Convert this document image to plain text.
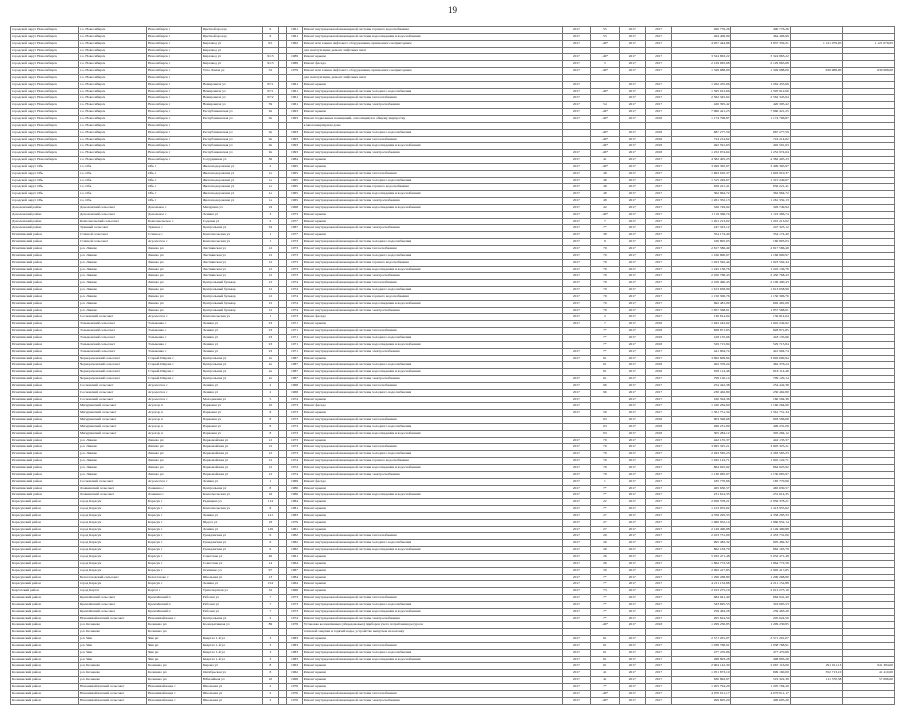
19
городской округ Новосибирск	г.о. Новосибирск	Новосибирск г	Цветной проезд	6		1961	Ремонт внутридомовой инженерной системы горячего водоснабжения	2017	55	2017	2017	490 776,26	490 776,26		
городской округ Новосибирск	г.о. Новосибирск	Новосибирск г	Цветной проезд	6		1961	Ремонт внутридомовой инженерной системы водоотведения и водоснабжения	2017	55	2017	2017	464 406,99	464 406,99		
городской округ Новосибирск	г.о. Новосибирск	Новосибирск г	Кирзавод ул	9/1		1992	Ремонт или замена лифтового оборудования, признанного непригодным	2017	-46*	2017	2017	4 957 444,86	3 837 359,21	1 121 079,65	1 121 079,65
городской округ Новосибирск	г.о. Новосибирск	Новосибирск г	Кирзавод ул				для эксплуатации, ремонт лифтовых шахт								
городской округ Новосибирск	г.о. Новосибирск	Новосибирск г	Кирзавод ул	9/13		1989	Ремонт крыши	2017	-46*	2017	2017	3 324 863,22	3 324 863,22		
городской округ Новосибирск	г.о. Новосибирск	Новосибирск г	Кирзавод ул	9/13		1989	Ремонт фасада	2017	5	2017	2017	2 129 965,68	2 129 965,68		
городской округ Новосибирск	г.о. Новосибирск	Новосибирск г	Ухта Ломов ул	52		1979	Ремонт или замена лифтового оборудования, признанного непригодным	2017	-46*	2017	2017	1 349 988,00	1 349 988,00	639 988,00	639 988,00
городской округ Новосибирск	г.о. Новосибирск	Новосибирск г					для эксплуатации, ремонт лифтовых шахт								
городской округ Новосибирск	г.о. Новосибирск	Новосибирск г	Немировича ул	97/1		1961	Ремонт крыши	2017		2017	2017	1 262 455,66	1 262 455,66		
городской округ Новосибирск	г.о. Новосибирск	Новосибирск г	Немировича ул	97/1		1961	Ремонт внутридомовой инженерной системы холодного водоснабжения	2017	-46*	2017	2017	1 595 912,66	1 595 912,66		
городской округ Новосибирск	г.о. Новосибирск	Новосибирск г	Немировича ул	97/2		1961	Ремонт внутридомовой инженерной системы теплоснабжения	2017		2017	2017	2 562 345,64	2 562 345,64		
городской округ Новосибирск	г.о. Новосибирск	Новосибирск г	Немировича ул	59		1961	Ремонт внутридомовой инженерной системы электроснабжения	2017	54	2017	2017	420 395,42	420 395,42		
городской округ Новосибирск	г.о. Новосибирск	Новосибирск г	Республиканская ул	9а		1993	Ремонт крыши	2017	-46*	2017	2017	7 960 421,25	7 960 421,25		
городской округ Новосибирск	г.о. Новосибирск	Новосибирск г	Республиканская ул	9а		1993	Ремонт подвальных помещений, относящихся к общему имуществу	2017	-46*	2017	2018	1 174 796,87	1 174 796,87		
городской округ Новосибирск	г.о. Новосибирск	Новосибирск г					в многоквартирном доме								
городской округ Новосибирск	г.о. Новосибирск	Новосибирск г	Республиканская ул	9а		1993	Ремонт внутридомовой инженерной системы холодного водоснабжения		-46*	2017	2018	687 277,59	687 277,59		
городской округ Новосибирск	г.о. Новосибирск	Новосибирск г	Республиканская ул	9а		1993	Ремонт внутридомовой инженерной системы теплоснабжения		-46*	2017	2018	724 214,62	724 214,62		
городской округ Новосибирск	г.о. Новосибирск	Новосибирск г	Республиканская ул	9а		1993	Ремонт внутридомовой инженерной системы водоотведения и водоснабжения		-46*	2017	2018	492 591,63	492 591,63		
городской округ Новосибирск	г.о. Новосибирск	Новосибирск г	Республиканская ул	9а		1993	Ремонт внутридомовой инженерной системы электроснабжения	2017	-46*	2017	2018	1 252 974,64	1 252 974,64		
городской округ Новосибирск	г.о. Новосибирск	Новосибирск г	Сотрудников ул	36		1984	Ремонт крыши	2017	41	2017	2017	4 382 405,23	4 382 405,23		
городской округ Обь	г.о. Обь	Обь г	Железнодорожная ул	2		1965	Ремонт крыши	2017	-46*	2017	2017	3 499 365,97	3 499 365,97		
городской округ Обь	г.о. Обь	Обь г	Железнодорожная ул	1а		1965	Ремонт внутридомовой инженерной системы теплоснабжения	2017	48	2017	2017	1 693 910,37	1 693 910,37		
городской округ Обь	г.о. Обь	Обь г	Железнодорожная ул	1а		1965	Ремонт внутридомовой инженерной системы холодного водоснабжения	2017	48	2017	2017	1 315 249,67	1 315 249,67		
городской округ Обь	г.о. Обь	Обь г	Железнодорожная ул	1а		1965	Ремонт внутридомовой инженерной системы горячего водоснабжения	2017	48	2017	2017	656 221,41	656 221,41		
городской округ Обь	г.о. Обь	Обь г	Железнодорожная ул	1а		1965	Ремонт внутридомовой инженерной системы водоотведения и водоснабжения	2017	48	2017	2017	362 964,72	362 964,72		
городской округ Обь	г.о. Обь	Обь г	Железнодорожная ул	1а		1965	Ремонт внутридомовой инженерной системы электроснабжения	2017	48	2017	2017	1 261 332,13	1 261 332,13		
Доволенский район	Доволенский сельсовет	Довольное с	Мичурина ул	19		1968	Ремонт внутридомовой инженерной системы водоотведения и водоснабжения	2017	42	2017	2017	326 749,94	326 749,94		
Доволенский район	Доволенский сельсовет	Довольное с	Ленина ул	3		1973	Ремонт крыши	2017	-46*	2017	2017	1 119 366,74	1 119 366,74		
Доволенский район	Комсомольский сельсовет	Комсомольское с	Садовая ул	2		1977	Ремонт крыши	2017	7	2017	2017	1 201 213,02	1 201 213,02		
Доволенский район	Травный сельсовет	Травное с	Центральная ул	34		1987	Ремонт внутридомовой инженерной системы электроснабжения	2017	7*	2017	2017	247 323,12	247 323,12		
Искитимский район	Степной сельсовет	Степное с	Комсомольская ул	1		1977	Ремонт крыши	2017	38	2017	2017	354 174,40	354 174,40		
Искитимский район	Степной сельсовет	Агролесхоз с	Комсомольская ул	1		1973	Ремонт внутридомовой инженерной системы холодного водоснабжения	2017	9	2017	2017	160 805,03	160 805,03		
Искитимский район	р.п. Линево	Линево рп	Листвянская ул	12		1973	Ремонт внутридомовой инженерной системы теплоснабжения	2017	79	2017	2017	2 817 586,49	2 817 586,49		
Искитимский район	р.п. Линево	Линево рп	Листвянская ул	12		1973	Ремонт внутридомовой инженерной системы холодного водоснабжения	2017	79	2017	2017	1 166 800,97	1 166 800,97		
Искитимский район	р.п. Линево	Линево рп	Листвянская ул	12		1973	Ремонт внутридомовой инженерной системы горячего водоснабжения	2017	79	2017	2017	1 023 592,44	1 023 592,44		
Искитимский район	р.п. Линево	Линево рп	Листвянская ул	12		1973	Ремонт внутридомовой инженерной системы водоотведения и водоснабжения	2017	79	2017	2017	1 245 136,76	1 245 136,76		
Искитимский район	р.п. Линево	Линево рп	Листвянская ул	12		1973	Ремонт внутридомовой инженерной системы электроснабжения	2017	79	2017	2017	2 450 768,43	2 450 768,43		
Искитимский район	р.п. Линево	Линево рп	Центральный бульвар	12		1974	Ремонт внутридомовой инженерной системы теплоснабжения	2017	79	2017	2017	2 106 490,43	2 106 490,43		
Искитимский район	р.п. Линево	Линево рп	Центральный бульвар	12		1974	Ремонт внутридомовой инженерной системы холодного водоснабжения	2017	79	2017	2017	1 613 658,99	1 613 658,99		
Искитимский район	р.п. Линево	Линево рп	Центральный бульвар	12		1974	Ремонт внутридомовой инженерной системы горячего водоснабжения	2017	79	2017	2017	1 150 306,76	1 150 306,76		
Искитимский район	р.п. Линево	Линево рп	Центральный бульвар	12		1974	Ремонт внутридомовой инженерной системы водоотведения и водоснабжения	2017	79	2017	2017	692 481,09	692 481,09		
Искитимский район	р.п. Линево	Линево рп	Центральный бульвар	12		1974	Ремонт внутридомовой инженерной системы электроснабжения	2017	79	2017	2017	1 857 568,61	1 857 568,61		
Искитимский район	Сосновский сельсовет	Агролесхоз с	Комсомольская ул	1		1973	Ремонт фасада	2017	2	2017	2017	136 814,04	136 814,04		
Искитимский район	Тальменский сельсовет	Тальменка с	Ленина ул	23		1971	Ремонт крыши	2017	7	2017	2018	1 945 242,62	1 945 242,62		
Искитимский район	Тальменский сельсовет	Тальменка с	Ленина ул	23		1971	Ремонт внутридомовой инженерной системы теплоснабжения		7*	2017	2018	828 871,85	828 871,85		
Искитимский район	Тальменский сельсовет	Тальменка с	Ленина ул	23		1971	Ремонт внутридомовой инженерной системы холодного водоснабжения		7*	2017	2018	418 135,66	418 135,66		
Искитимский район	Тальменский сельсовет	Тальменка с	Ленина ул	23		1971	Ремонт внутридомовой инженерной системы водоотведения и водоснабжения		7*	2017	2018	529 715,84	529 715,84		
Искитимский район	Тальменский сельсовет	Тальменка с	Ленина ул	23		1971	Ремонт внутридомовой инженерной системы электроснабжения	2017	7*	2017	2017	441 904,74	441 904,74		
Искитимский район	Чернореченский сельсовет	Старый Шараш с	Центральная ул	2а		1987	Ремонт крыши	2017	61	2017	2017	3 692 609,94	3 692 609,94		
Искитимский район	Чернореченский сельсовет	Старый Шараш с	Центральная ул	2а		1987	Ремонт внутридомовой инженерной системы холодного водоснабжения		61	2017	2018	462 376,24	462 376,24		
Искитимский район	Чернореченский сельсовет	Старый Шараш с	Центральная ул	2а		1987	Ремонт внутридомовой инженерной системы водоотведения и водоснабжения		61	2017	2018	818 114,46	818 114,46		
Искитимский район	Чернореченский сельсовет	Старый Шараш с	Центральная ул	2а		1987	Ремонт внутридомовой инженерной системы электроснабжения	2017	61	2017	2017	799 120,14	799 120,14		
Искитимский район	Сосновский сельсовет	Агролесхоз с	Ленина ул	2		1968	Ремонт внутридомовой инженерной системы теплоснабжения	2017	96	2017	2017	254 442,38	254 442,38		
Искитимский район	Сосновский сельсовет	Агролесхоз с	Ленина ул	2		1968	Ремонт внутридомовой инженерной системы холодного водоснабжения	2017	96	2017	2017	230 462,80	230 462,80		
Искитимский район	Сосновский сельсовет	Агролесхоз с	Молодежная ул	5		1974	Ремонт крыши	2017		2017	2017	160 594,36	160 594,36		
Искитимский район	Мичуринский сельсовет	Агрогор п	Парковая ул	10		1973	Ремонт фасада	2017		2017	2017	1 160 264,60	1 160 264,60		
Искитимский район	Мичуринский сельсовет	Агрогор п	Парковая ул	8		1973	Ремонт крыши	2017	50	2017	2017	1 561 751,34	1 561 751,34		
Искитимский район	Мичуринский сельсовет	Агрогор п	Парковая ул	8		1973	Ремонт внутридомовой инженерной системы теплоснабжения		63	2017	2018	903 596,68	903 596,68		
Искитимский район	Мичуринский сельсовет	Агрогор п	Парковая ул	8		1973	Ремонт внутридомовой инженерной системы холодного водоснабжения		63	2017	2018	496 231,09	496 231,09		
Искитимский район	Мичуринский сельсовет	Агрогор п	Парковая ул	8		1973	Ремонт внутридомовой инженерной системы водоотведения и водоснабжения		63	2017	2018	305 284,12	305 284,12		
Искитимский район	р.п. Линево	Линево рп	Первомайская ул	12		1973	Ремонт крыши	2017	79	2017	2017	442 135,37	442 135,37		
Искитимский район	р.п. Линево	Линево рп	Первомайская ул	12		1973	Ремонт внутридомовой инженерной системы теплоснабжения	2017	79	2017	2017	3 695 325,21	3 695 325,21		
Искитимский район	р.п. Линево	Линево рп	Первомайская ул	12		1973	Ремонт внутридомовой инженерной системы холодного водоснабжения	2017	79	2017	2017	2 263 565,23	2 263 565,23		
Искитимский район	р.п. Линево	Линево рп	Первомайская ул	12		1974	Ремонт внутридомовой инженерной системы горячего водоснабжения	2017	79	2017	2017	1 945 122,71	1 945 122,71		
Искитимский район	р.п. Линево	Линево рп	Первомайская ул	12		1974	Ремонт внутридомовой инженерной системы водоотведения и водоснабжения	2017	79	2017	2017	864 925,92	864 925,92		
Искитимский район	р.п. Линево	Линево рп	Первомайская ул	12		1974	Ремонт внутридомовой инженерной системы электроснабжения	2017	79	2017	2017	1 130 065,97	1 130 065,97		
Искитимский район	Сосновский сельсовет	Агролесхоз с	Ленина ул	1		1969	Ремонт фасада	2017	1	2017	2017	185 770,66	185 770,66		
Искитимский район	Ложкинский сельсовет	Ложкино с	Центральная ул	8		1986	Ремонт крыши	2017	7*	2017	2017	465 630,57	465 630,57		
Искитимский район	Ложкинский сельсовет	Ложкино с	Комсомольская ул	16		1986	Ремонт внутридомовой инженерной системы водоотведения и водоснабжения	2017	7*	2017	2017	231 614,35	231 614,35		
Карасукский район	город Карасук	Карасук г	Радищева ул	114		1984	Ремонт крыши	2017	22	2017	2017	2 956 378,21	2 956 378,21		
Карасукский район	город Карасук	Карасук г	Комсомольская ул	8		1981	Ремонт крыши	2017	7*	2017	2017	1 413 955,62	1 413 955,62		
Карасукский район	город Карасук	Карасук г	Ленина ул	141		1983	Ремонт крыши	2017	27	2017	2017	4 358 295,33	4 358 295,33		
Карасукский район	город Карасук	Карасук г	Щорса ул	18		1979	Ремонт крыши	2017	27	2017	2017	1 960 952,14	1 960 952,14		
Карасукский район	город Карасук	Карасук г	Ленина ул	149		1961	Ремонт крыши	2017	27	2017	2017	2 149 490,88	2 149 490,88		
Карасукский район	город Карасук	Карасук г	Гражданская ул	6		1982	Ремонт внутридомовой инженерной системы теплоснабжения	2017	26	2017	2017	2 453 731,00	2 453 731,00		
Карасукский район	город Карасук	Карасук г	Гражданская ул	6		1982	Ремонт внутридомовой инженерной системы холодного водоснабжения	2017	26	2017	2017	995 482,32	995 482,32		
Карасукский район	город Карасук	Карасук г	Гражданская ул	6		1982	Ремонт внутридомовой инженерной системы водоотведения и водоснабжения	2017	26	2017	2017	862 163,79	862 163,79		
Карасукский район	город Карасук	Карасук г	Советская ул	46		1961	Ремонт крыши	2017	26	2017	2017	5 032 471,48	5 032 471,48		
Карасукский район	город Карасук	Карасук г	Советская ул	14		1964	Ремонт крыши	2017	26	2017	2017	1 864 772,58	1 864 772,58		
Карасукский район	город Карасук	Карасук г	Осипенко ул	97		1987	Ремонт крыши	2017	50	2017	2017	2 992 417,85	2 992 417,85		
Карасукский район	Белоглазовский сельсовет	Белоглазово с	Школьная ул	13		1984	Ремонт крыши	2017	7*	2017	2017	1 290 268,80	1 290 268,80		
Карасукский район	город Карасук	Карасук г	Ленина ул	154		1964	Ремонт крыши	2017	7*	2017	2017	4 211 152,88	4 211 152,88		
Каргатский район	город Каргат	Каргат г	Транспортная ул	32		1968	Ремонт крыши	2017	73	2017	2017	2 013 275,19	2 013 275,19		
Коченевский район	Кремлёвский сельсовет	Кремлёвский п	Рабочая ул	7		1973	Ремонт внутридомовой инженерной системы теплоснабжения	2017	7*	2017	2017	684 941,40	684 941,40		
Коченевский район	Кремлёвский сельсовет	Кремлёвский п	Рабочая ул	7		1973	Ремонт внутридомовой инженерной системы холодного водоснабжения	2017	7*	2017	2017	343 695,53	343 695,53		
Коченевский район	Кремлёвский сельсовет	Кремлёвский п	Рабочая ул	7		1973	Ремонт внутридомовой инженерной системы водоотведения и водоснабжения	2017	7*	2017	2017	259 463,28	259 463,28		
Коченевский район	Новомихайловский сельсовет	Новомихайловка с	Центральная ул	2		1974	Ремонт внутридомовой инженерной системы электроснабжения	2017	7*	2017	2017	205 624,50	205 624,50		
Коченевский район	р.п. Коченево	Коченево рп	Кооперативная ул	89		1978	Установка коллективных (общедомовых) приборов учета потребления ресурсов		-46*	2017	2018	1 299 230,85	1 299 230,85		
Коченевский район	р.п. Коченево	Коченево рп					тепловой энергии и горячей воды, устройство выпусков на колонку								
Коченевский район	р.п. Чик	Чик рп	Квартал 1-й ул	3		1983	Ремонт крыши	2017	61	2017	2017	2 571 201,07	2 571 201,07		
Коченевский район	р.п. Чик	Чик рп	Квартал 1-й ул	3		1983	Ремонт внутридомовой инженерной системы теплоснабжения	2017	61	2017	2017	1 038 768,91	1 038 768,91		
Коченевский район	р.п. Чик	Чик рп	Квартал 1-й ул	3		1983	Ремонт внутридомовой инженерной системы холодного водоснабжения	2017	61	2017	2017	477 470,86	477 470,86		
Коченевский район	р.п. Чик	Чик рп	Квартал 1-й ул	3		1983	Ремонт внутридомовой инженерной системы водоотведения и водоснабжения	2017	61	2017	2017	498 893,28	498 893,28		
Коченевский район	р.п. Коченево	Коченево рп	Кирова ул	8		1963	Ремонт крыши	2017	61	2017	2017	2 904 142,30	2 067 116,00	291 011,13	941 384,00
Коченевский район	р.п. Коченево	Коченево рп	Октябрьская ул	8		1962	Ремонт крыши	2017	41	2017	2017	1 051 873,10	699 160,00	352 713,10	41 410,00
Коченевский район	р.п. Коченево	Коченево рп	Юбилейная ул	10		1968	Ремонт крыши	2017	41	2017	2017	630 892,97	519 322,39	111 570,58	57 686,00
Коченевский район	Новомихайловский сельсовет	Новомихайловка с	Школьная ул	2		1976	Ремонт крыши	2017	7*	2017	2017	1 205 794,20	1 205 794,20		
Коченевский район	Новомихайловский сельсовет	Новомихайловка с	Школьная ул	2		1976	Ремонт внутридомовой инженерной системы теплоснабжения	2017	-46*	2017	2017	4 070 011,17	4 070 011,17		
Коченевский район	Новомихайловский сельсовет	Новомихайловка с	Школьная ул	2		1976	Ремонт внутридомовой инженерной системы электроснабжения	2017	-46*	2017	2017	499 605,20	499 605,20		
